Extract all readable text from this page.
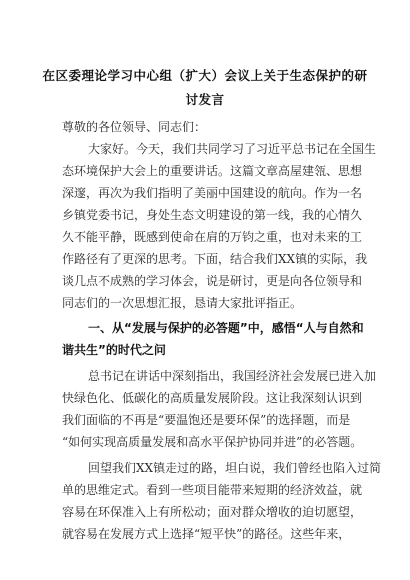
在区委理论学习中心组（扩大）会议上关于生态保护的研
讨发言

尊敬的各位领导、同志们：

大家好。今天，我们共同学习了习近平总书记在全国生

态环境保护大会上的重要讲话。这篇文章高屋建瓴、思想

深邃，再次为我们指明了美丽中国建设的航向。作为一名

乡镇党委书记，身处生态文明建设的第一线，我的心情久

久不能平静，既感到使命在肩的万钧之重，也对未来的工

作路径有了更深的思考。下面，结合我们XX镇的实际，我

谈几点不成熟的学习体会，说是研讨，更是向各位领导和

同志们的一次思想汇报，恳请大家批评指正。

一、从“发展与保护的必答题”中，感悟“人与自然和

谐共生”的时代之问

总书记在讲话中深刻指出，我国经济社会发展已进入加

快绿色化、低碳化的高质量发展阶段。这让我深刻认识到

我们面临的不再是“要温饱还是要环保”的选择题，而是

“如何实现高质量发展和高水平保护协同并进”的必答题。

回望我们XX镇走过的路，坦白说，我们曾经也陷入过简

单的思维定式。看到一些项目能带来短期的经济效益，就

容易在环保准入上有所松动；面对群众增收的迫切愿望，

就容易在发展方式上选择“短平快”的路径。这些年来，
